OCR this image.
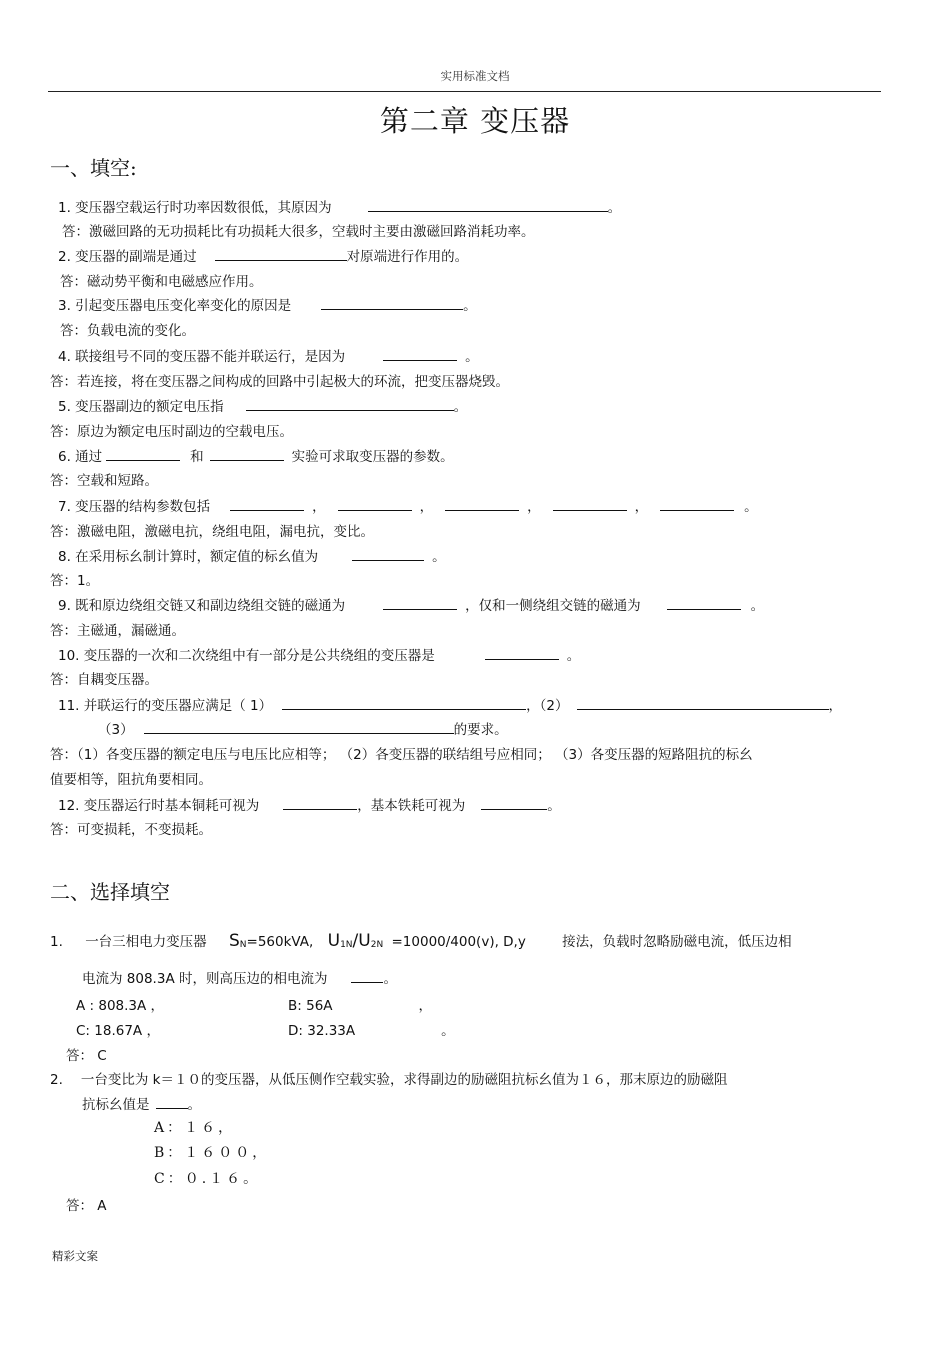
实用标准文档
第二章 变压器
一、填空:
1. 变压器空载运行时功率因数很低，其原因为	。
答：激磁回路的无功损耗比有功损耗大很多，空载时主要由激磁回路消耗功率。
2. 变压器的副端是通过	对原端进行作用的。
答：磁动势平衡和电磁感应作用。
3. 引起变压器电压变化率变化的原因是	。
答：负载电流的变化。
4. 联接组号不同的变压器不能并联运行，是因为	。
答：若连接，将在变压器之间构成的回路中引起极大的环流，把变压器烧毁。
5. 变压器副边的额定电压指	。
答：原边为额定电压时副边的空载电压。
6. 通过	和	实验可求取变压器的参数。
答：空载和短路。
7. 变压器的结构参数包括	，	，	，	，	。
答：激磁电阻，激磁电抗，绕组电阻，漏电抗，变比。
8. 在采用标幺制计算时，额定值的标幺值为	。
答：1。
9. 既和原边绕组交链又和副边绕组交链的磁通为	，仅和一侧绕组交链的磁通为	。
答：主磁通，漏磁通。
10. 变压器的一次和二次绕组中有一部分是公共绕组的变压器是	。
答：自耦变压器。
11. 并联运行的变压器应满足（ 1）	，（2）	，
（3）	的要求。
答：（1）各变压器的额定电压与电压比应相等； （2）各变压器的联结组号应相同； （3）各变压器的短路阻抗的标幺
值要相等，阻抗角要相同。
12. 变压器运行时基本铜耗可视为	，基本铁耗可视为	。
答：可变损耗，不变损耗。
二、选择填空
1. 一台三相电力变压器 $S_N=560kVA$, $U_{1N}/U_{2N} =10000/400(v)$, D,y	接法，负载时忽略励磁电流，低压边相
电流为 808.3A 时，则高压边的相电流为	。
A : 808.3A ，	B: 56A	，
C: 18.67A ，	D: 32.33A	。
答： C
2. 一台变比为 k＝１０的变压器，从低压侧作空载实验，求得副边的励磁阻抗标幺值为１６，那末原边的励磁阻
抗标幺值是	。
A：１６，
B：１６００，
C：０.１６。
答： A
精彩文案
